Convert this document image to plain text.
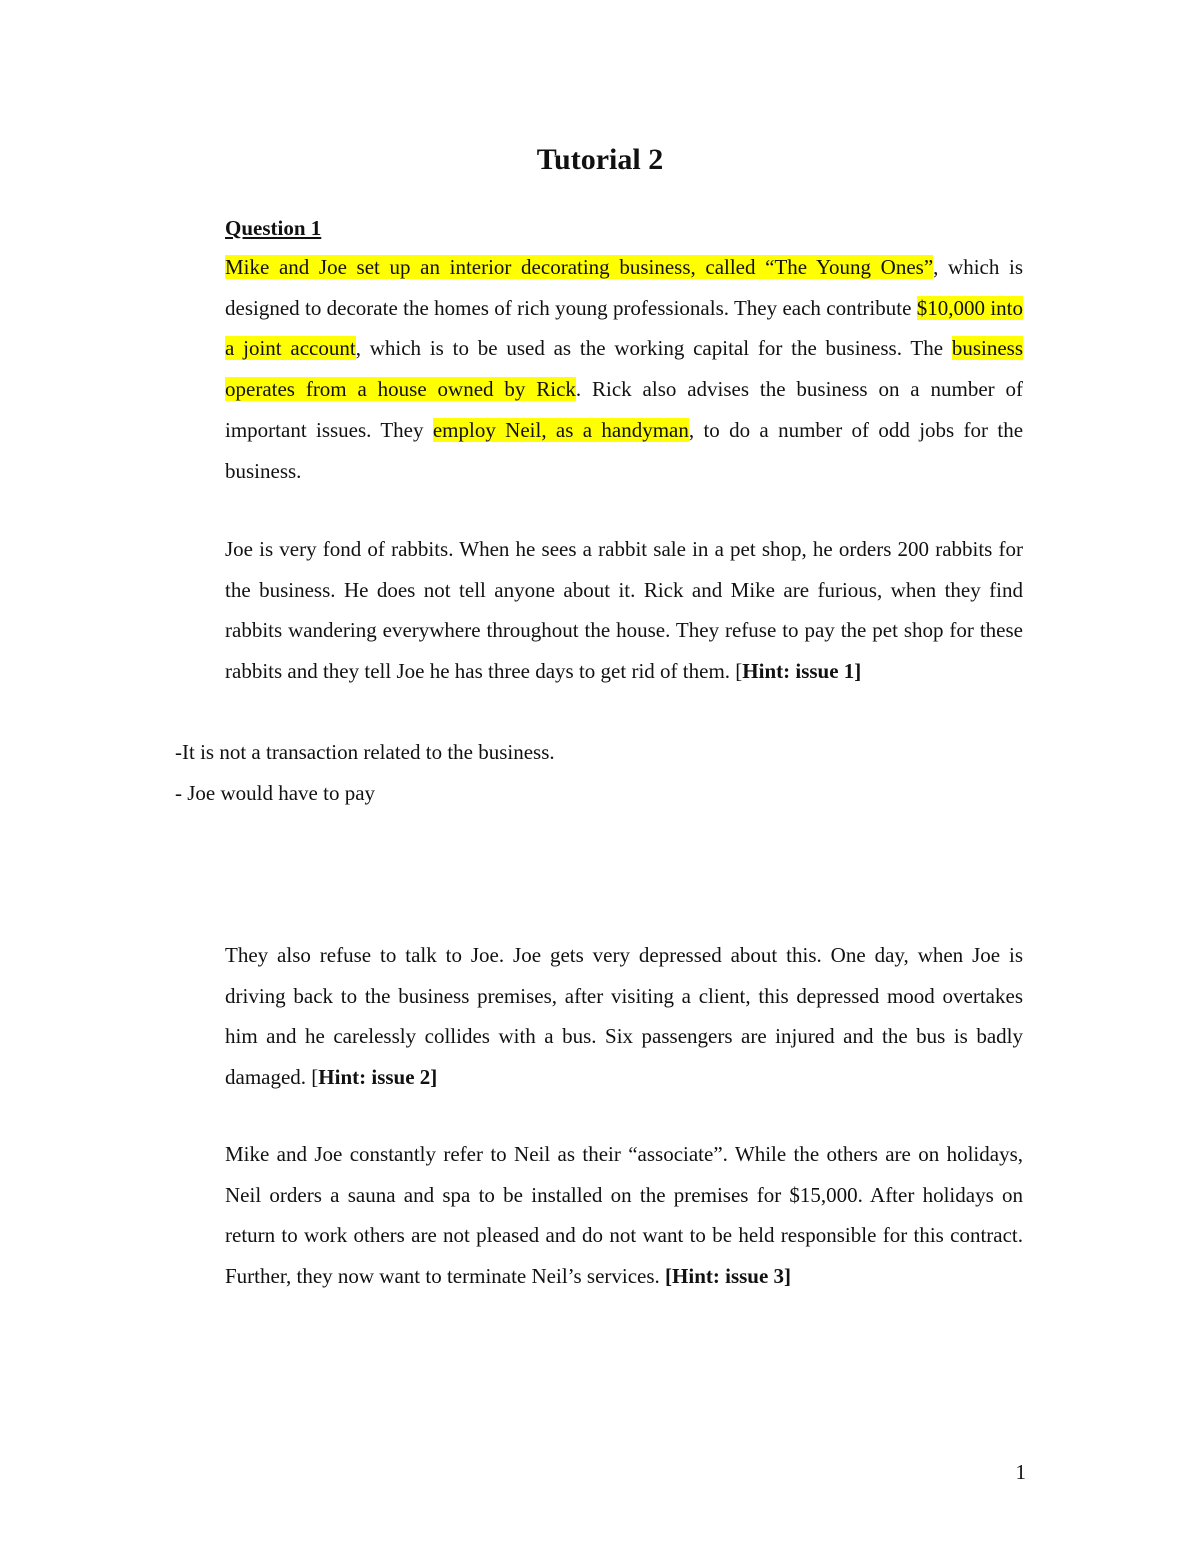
Tutorial 2
Question 1

Mike and Joe set up an interior decorating business, called “The Young Ones”, which is designed to decorate the homes of rich young professionals. They each contribute $10,000 into a joint account, which is to be used as the working capital for the business. The business operates from a house owned by Rick. Rick also advises the business on a number of important issues. They employ Neil, as a handyman, to do a number of odd jobs for the business.

Joe is very fond of rabbits. When he sees a rabbit sale in a pet shop, he orders 200 rabbits for the business. He does not tell anyone about it. Rick and Mike are furious, when they find rabbits wandering everywhere throughout the house. They refuse to pay the pet shop for these rabbits and they tell Joe he has three days to get rid of them. [Hint: issue 1]

-It is not a transaction related to the business.

- Joe would have to pay

They also refuse to talk to Joe. Joe gets very depressed about this. One day, when Joe is driving back to the business premises, after visiting a client, this depressed mood overtakes him and he carelessly collides with a bus. Six passengers are injured and the bus is badly damaged. [Hint: issue 2]

Mike and Joe constantly refer to Neil as their “associate”. While the others are on holidays, Neil orders a sauna and spa to be installed on the premises for $15,000. After holidays on return to work others are not pleased and do not want to be held responsible for this contract. Further, they now want to terminate Neil’s services. [Hint: issue 3]

1
